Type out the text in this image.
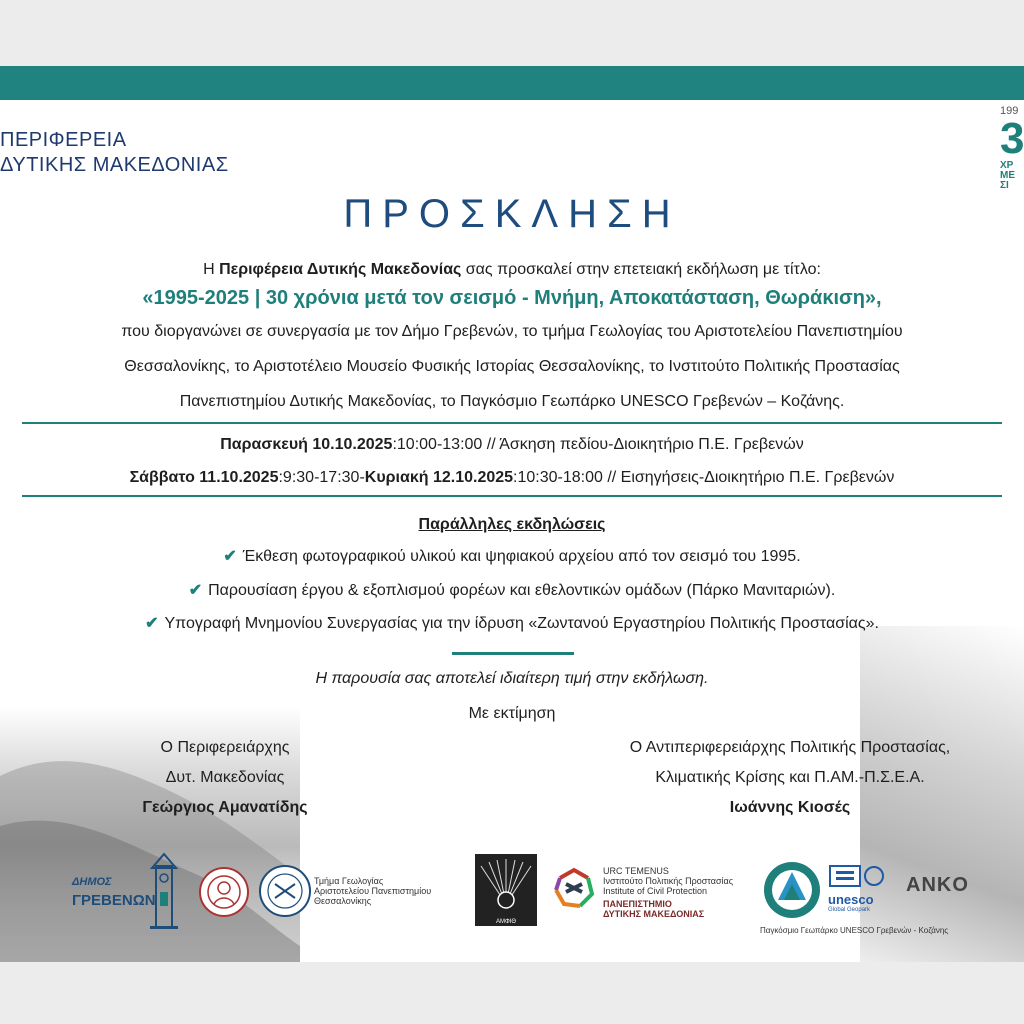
ΠΕΡΙΦΕΡΕΙΑ
ΔΥΤΙΚΗΣ ΜΑΚΕΔΟΝΙΑΣ
199
3
ΧΡ
ΜΕ
ΣΙ
ΠΡΟΣΚΛΗΣΗ
Η Περιφέρεια Δυτικής Μακεδονίας σας προσκαλεί στην επετειακή εκδήλωση με τίτλο:
«1995-2025 | 30 χρόνια μετά τον σεισμό - Μνήμη, Αποκατάσταση, Θωράκιση»,
που διοργανώνει σε συνεργασία με τον Δήμο Γρεβενών, το τμήμα Γεωλογίας του Αριστοτελείου Πανεπιστημίου
Θεσσαλονίκης, το Αριστοτέλειο Μουσείο Φυσικής Ιστορίας Θεσσαλονίκης, το Ινστιτούτο Πολιτικής Προστασίας
Πανεπιστημίου Δυτικής Μακεδονίας, το Παγκόσμιο Γεωπάρκο UNESCO Γρεβενών – Κοζάνης.
Παρασκευή 10.10.2025:10:00-13:00 // Άσκηση πεδίου-Διοικητήριο Π.Ε. Γρεβενών
Σάββατο 11.10.2025:9:30-17:30-Κυριακή 12.10.2025:10:30-18:00 // Εισηγήσεις-Διοικητήριο Π.Ε. Γρεβενών
Παράλληλες εκδηλώσεις
✔ Έκθεση φωτογραφικού υλικού και ψηφιακού αρχείου από τον σεισμό του 1995.
✔ Παρουσίαση έργου & εξοπλισμού φορέων και εθελοντικών ομάδων (Πάρκο Μανιταριών).
✔ Υπογραφή Μνημονίου Συνεργασίας για την ίδρυση «Ζωντανού Εργαστηρίου Πολιτικής Προστασίας».
Η παρουσία σας αποτελεί ιδιαίτερη τιμή στην εκδήλωση.
Με εκτίμηση
Ο Περιφερειάρχης
Δυτ. Μακεδονίας
Γεώργιος Αμανατίδης
Ο Αντιπεριφερειάρχης Πολιτικής Προστασίας,
Κλιματικής Κρίσης και Π.ΑΜ.-Π.Σ.Ε.Α.
Ιωάννης Κιοσές
ΔΗΜΟΣ
ΓΡΕΒΕΝΩΝ
Τμήμα Γεωλογίας
Αριστοτελείου Πανεπιστημίου
Θεσσαλονίκης
ΑΜΦΙΘ
URC TEMENUS
Ινστιτούτο Πολιτικής Προστασίας
Institute of Civil Protection
ΠΑΝΕΠΙΣΤΗΜΙΟ
ΔΥΤΙΚΗΣ ΜΑΚΕΔΟΝΙΑΣ
unesco
Global Geopark
Παγκόσμιο Γεωπάρκο UNESCO Γρεβενών - Κοζάνης
ANKO
